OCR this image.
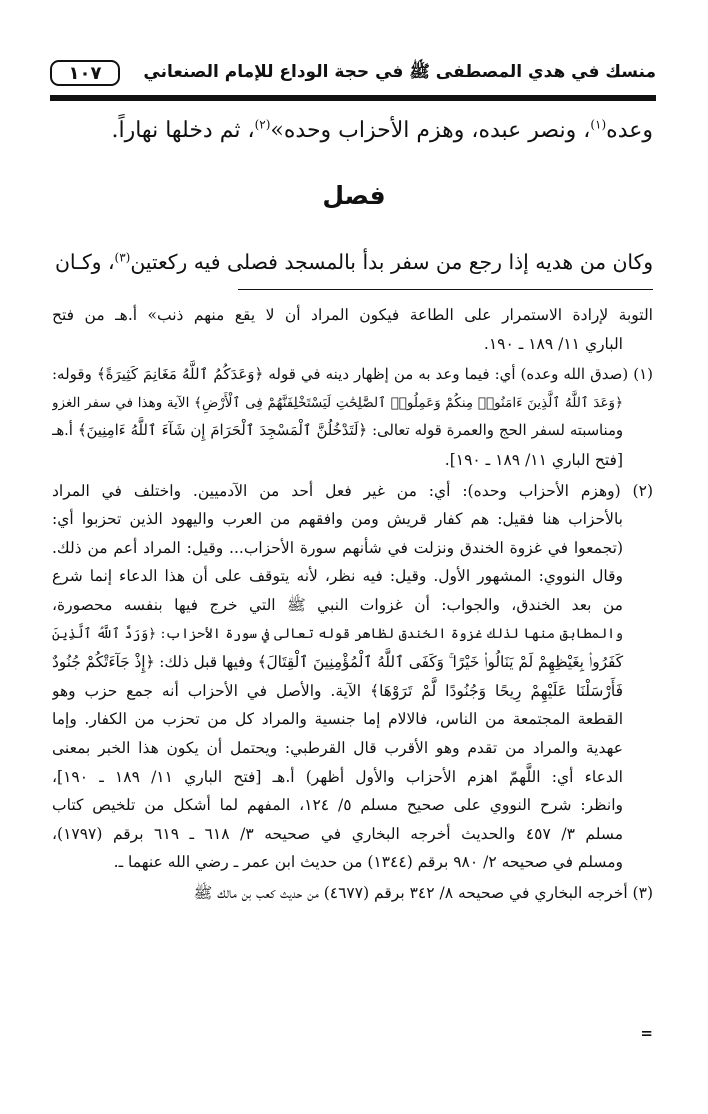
منسك في هدي المصطفى ﷺ في حجة الوداع للإمام الصنعاني
١٠٧
وعده$^{(١)}$، ونصر عبده، وهزم الأحزاب وحده»$^{(٢)}$، ثم دخلها نهاراً.
فصل
وكان من هديه إذا رجع من سفر بدأ بالمسجد فصلى فيه ركعتين$^{(٣)}$، وكـان
التوبة لإرادة الاستمرار على الطاعة فيكون المراد أن لا يقع منهم ذنب» أ.هـ من فتح
الباري ١١/ ١٨٩ ـ ١٩٠.
(١) (صدق الله وعده) أي: فيما وعد به من إظهار دينه في قوله ﴿وَعَدَكُمُ ٱللَّهُ مَغَانِمَ كَثِيرَةً﴾ وقوله:
﴿وَعَدَ ٱللَّهُ ٱلَّذِينَ ءَامَنُوا۟ مِنكُمْ وَعَمِلُوا۟ ٱلصَّٰلِحَٰتِ لَيَسْتَخْلِفَنَّهُمْ فِى ٱلْأَرْضِ﴾ الآية وهذا في سفر الغزو
ومناسبته لسفر الحج والعمرة قوله تعالى: ﴿لَتَدْخُلُنَّ ٱلْمَسْجِدَ ٱلْحَرَامَ إِن شَآءَ ٱللَّهُ ءَامِنِينَ﴾ أ.هـ
[فتح الباري ١١/ ١٨٩ ـ ١٩٠].
(٢) (وهزم الأحزاب وحده): أي: من غير فعل أحد من الآدميين. واختلف في المراد
بالأحزاب هنا فقيل: هم كفار قريش ومن وافقهم من العرب واليهود الذين تحزبوا أي:
(تجمعوا في غزوة الخندق ونزلت في شأنهم سورة الأحزاب... وقيل: المراد أعم من ذلك.
وقال النووي: المشهور الأول. وقيل: فيه نظر، لأنه يتوقف على أن هذا الدعاء إنما شرع
من بعد الخندق، والجواب: أن غزوات النبي ﷺ التي خرج فيها بنفسه محصورة،
والمطابق منها لذلك غزوة الخندق لظاهر قوله تعالى في سورة الأحزاب: ﴿وَرَدَّ ٱللَّهُ ٱلَّذِينَ
كَفَرُوا۟ بِغَيْظِهِمْ لَمْ يَنَالُوا۟ خَيْرًا ۚ وَكَفَى ٱللَّهُ ٱلْمُؤْمِنِينَ ٱلْقِتَالَ﴾ وفيها قبل ذلك: ﴿إِذْ جَآءَتْكُمْ جُنُودٌ
فَأَرْسَلْنَا عَلَيْهِمْ رِيحًا وَجُنُودًا لَّمْ تَرَوْهَا﴾ الآية. والأصل في الأحزاب أنه جمع حزب وهو
القطعة المجتمعة من الناس، فالالام إما جنسية والمراد كل من تحزب من الكفار. وإما
عهدية والمراد من تقدم وهو الأقرب قال القرطبي: ويحتمل أن يكون هذا الخبر بمعنى
الدعاء أي: اللَّهمّ اهزم الأحزاب والأول أظهر) أ.هـ [فتح الباري ١١/ ١٨٩ ـ ١٩٠]،
وانظر: شرح النووي على صحيح مسلم ٥/ ١٢٤، المفهم لما أشكل من تلخيص كتاب
مسلم ٣/ ٤٥٧ والحديث أخرجه البخاري في صحيحه ٣/ ٦١٨ ـ ٦١٩ برقم (١٧٩٧)،
ومسلم في صحيحه ٢/ ٩٨٠ برقم (١٣٤٤) من حديث ابن عمر ـ رضي الله عنهما ـ.
(٣) أخرجه البخاري في صحيحه ٨/ ٣٤٢ برقم (٤٦٧٧) من حديث كعب بن مالك ﷺ
=
